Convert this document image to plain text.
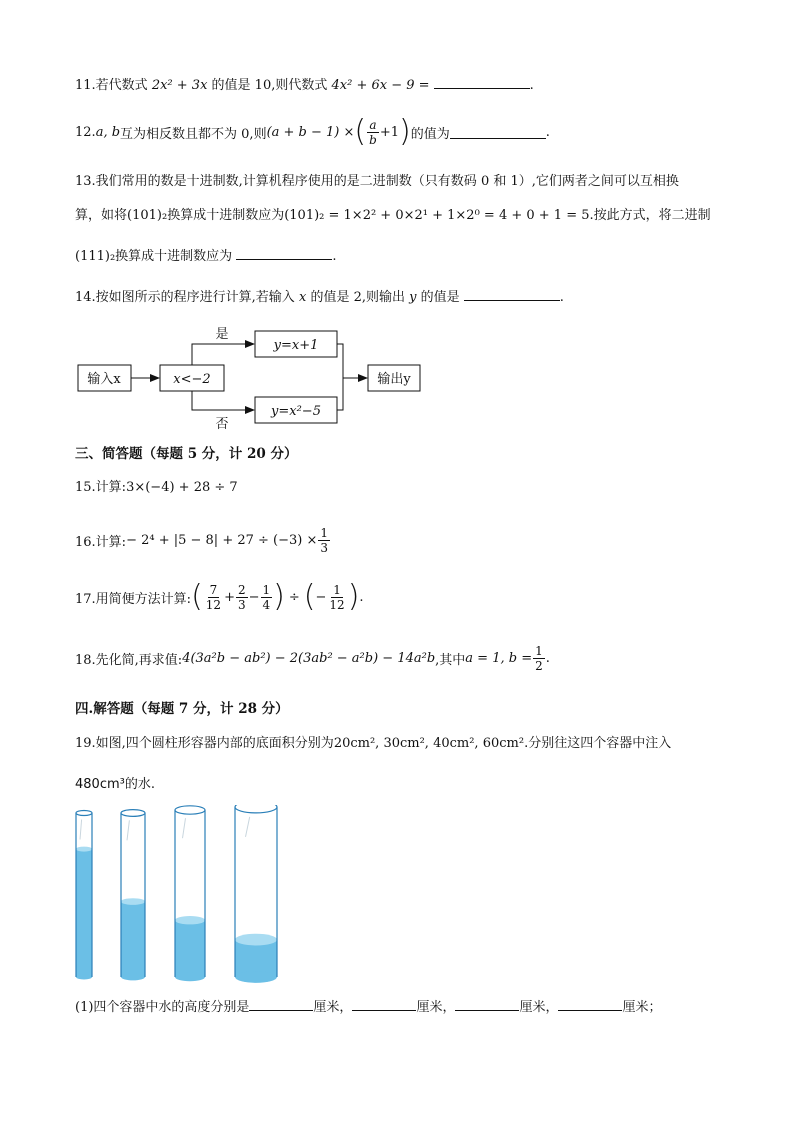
11.若代数式 2x² + 3x 的值是 10,则代数式 4x² + 6x − 9 =	.
12. a, b 互为相反数且都不为 0,则 (a + b − 1) × ( $\frac{a}{b} +1$ ) 的值为	.
13.我们常用的数是十进制数,计算机程序使用的是二进制数（只有数码 0 和 1）,它们两者之间可以互相换
算，如将(101)₂换算成十进制数应为(101)₂ = 1×2² + 0×2¹ + 1×2⁰ = 4 + 0 + 1 = 5.按此方式，将二进制
(111)₂换算成十进制数应为	.
14.按如图所示的程序进行计算,若输入 x 的值是 2,则输出 y 的值是	.
输入x	x<−2
是
否
y=x+1
y=x²−5
输出y
三、简答题（每题 5 分，计 20 分）
15.计算:3×(−4) + 28 ÷ 7
16.计算: − $2^4 + |5 - 8| + 27 \div (-3) \times \frac{1}{3}$
17.用简便方法计算: ( $\frac{7}{12} + \frac{2}{3} - \frac{1}{4}$ ) ÷ ( − $\frac{1}{12}$ ) .
18.先化简,再求值: 4(3a²b − ab²) − 2(3ab² − a²b) − 14a²b ,其中 a = 1, $b = \frac{1}{2}$ .
四.解答题（每题 7 分，计 28 分）
19.如图,四个圆柱形容器内部的底面积分别为20cm², 30cm², 40cm², 60cm².分别往这四个容器中注入
480cm³的水.
(1)四个容器中水的高度分别是	厘米，	厘米，	厘米，	厘米；
